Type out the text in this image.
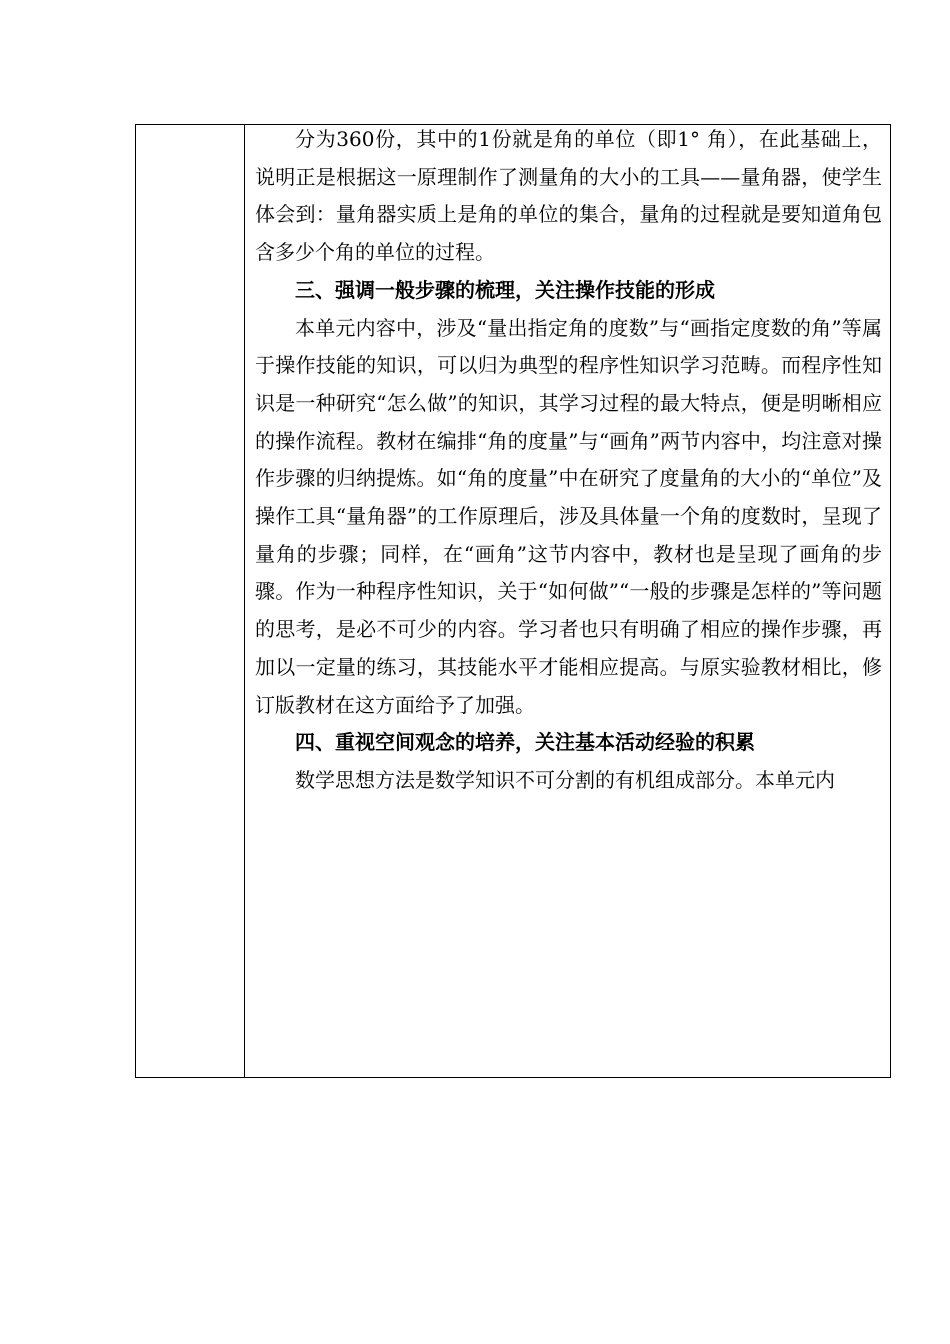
分为360份，其中的1份就是角的单位（即1° 角），在此基础上，说明正是根据这一原理制作了测量角的大小的工具——量角器，使学生体会到：量角器实质上是角的单位的集合，量角的过程就是要知道角包含多少个角的单位的过程。

三、强调一般步骤的梳理，关注操作技能的形成

本单元内容中，涉及“量出指定角的度数”与“画指定度数的角”等属于操作技能的知识，可以归为典型的程序性知识学习范畴。而程序性知识是一种研究“怎么做”的知识，其学习过程的最大特点，便是明晰相应的操作流程。教材在编排“角的度量”与“画角”两节内容中，均注意对操作步骤的归纳提炼。如“角的度量”中在研究了度量角的大小的“单位”及操作工具“量角器”的工作原理后，涉及具体量一个角的度数时，呈现了量角的步骤；同样，在“画角”这节内容中，教材也是呈现了画角的步骤。作为一种程序性知识，关于“如何做”“一般的步骤是怎样的”等问题的思考，是必不可少的内容。学习者也只有明确了相应的操作步骤，再加以一定量的练习，其技能水平才能相应提高。与原实验教材相比，修订版教材在这方面给予了加强。

四、重视空间观念的培养，关注基本活动经验的积累

数学思想方法是数学知识不可分割的有机组成部分。本单元内
